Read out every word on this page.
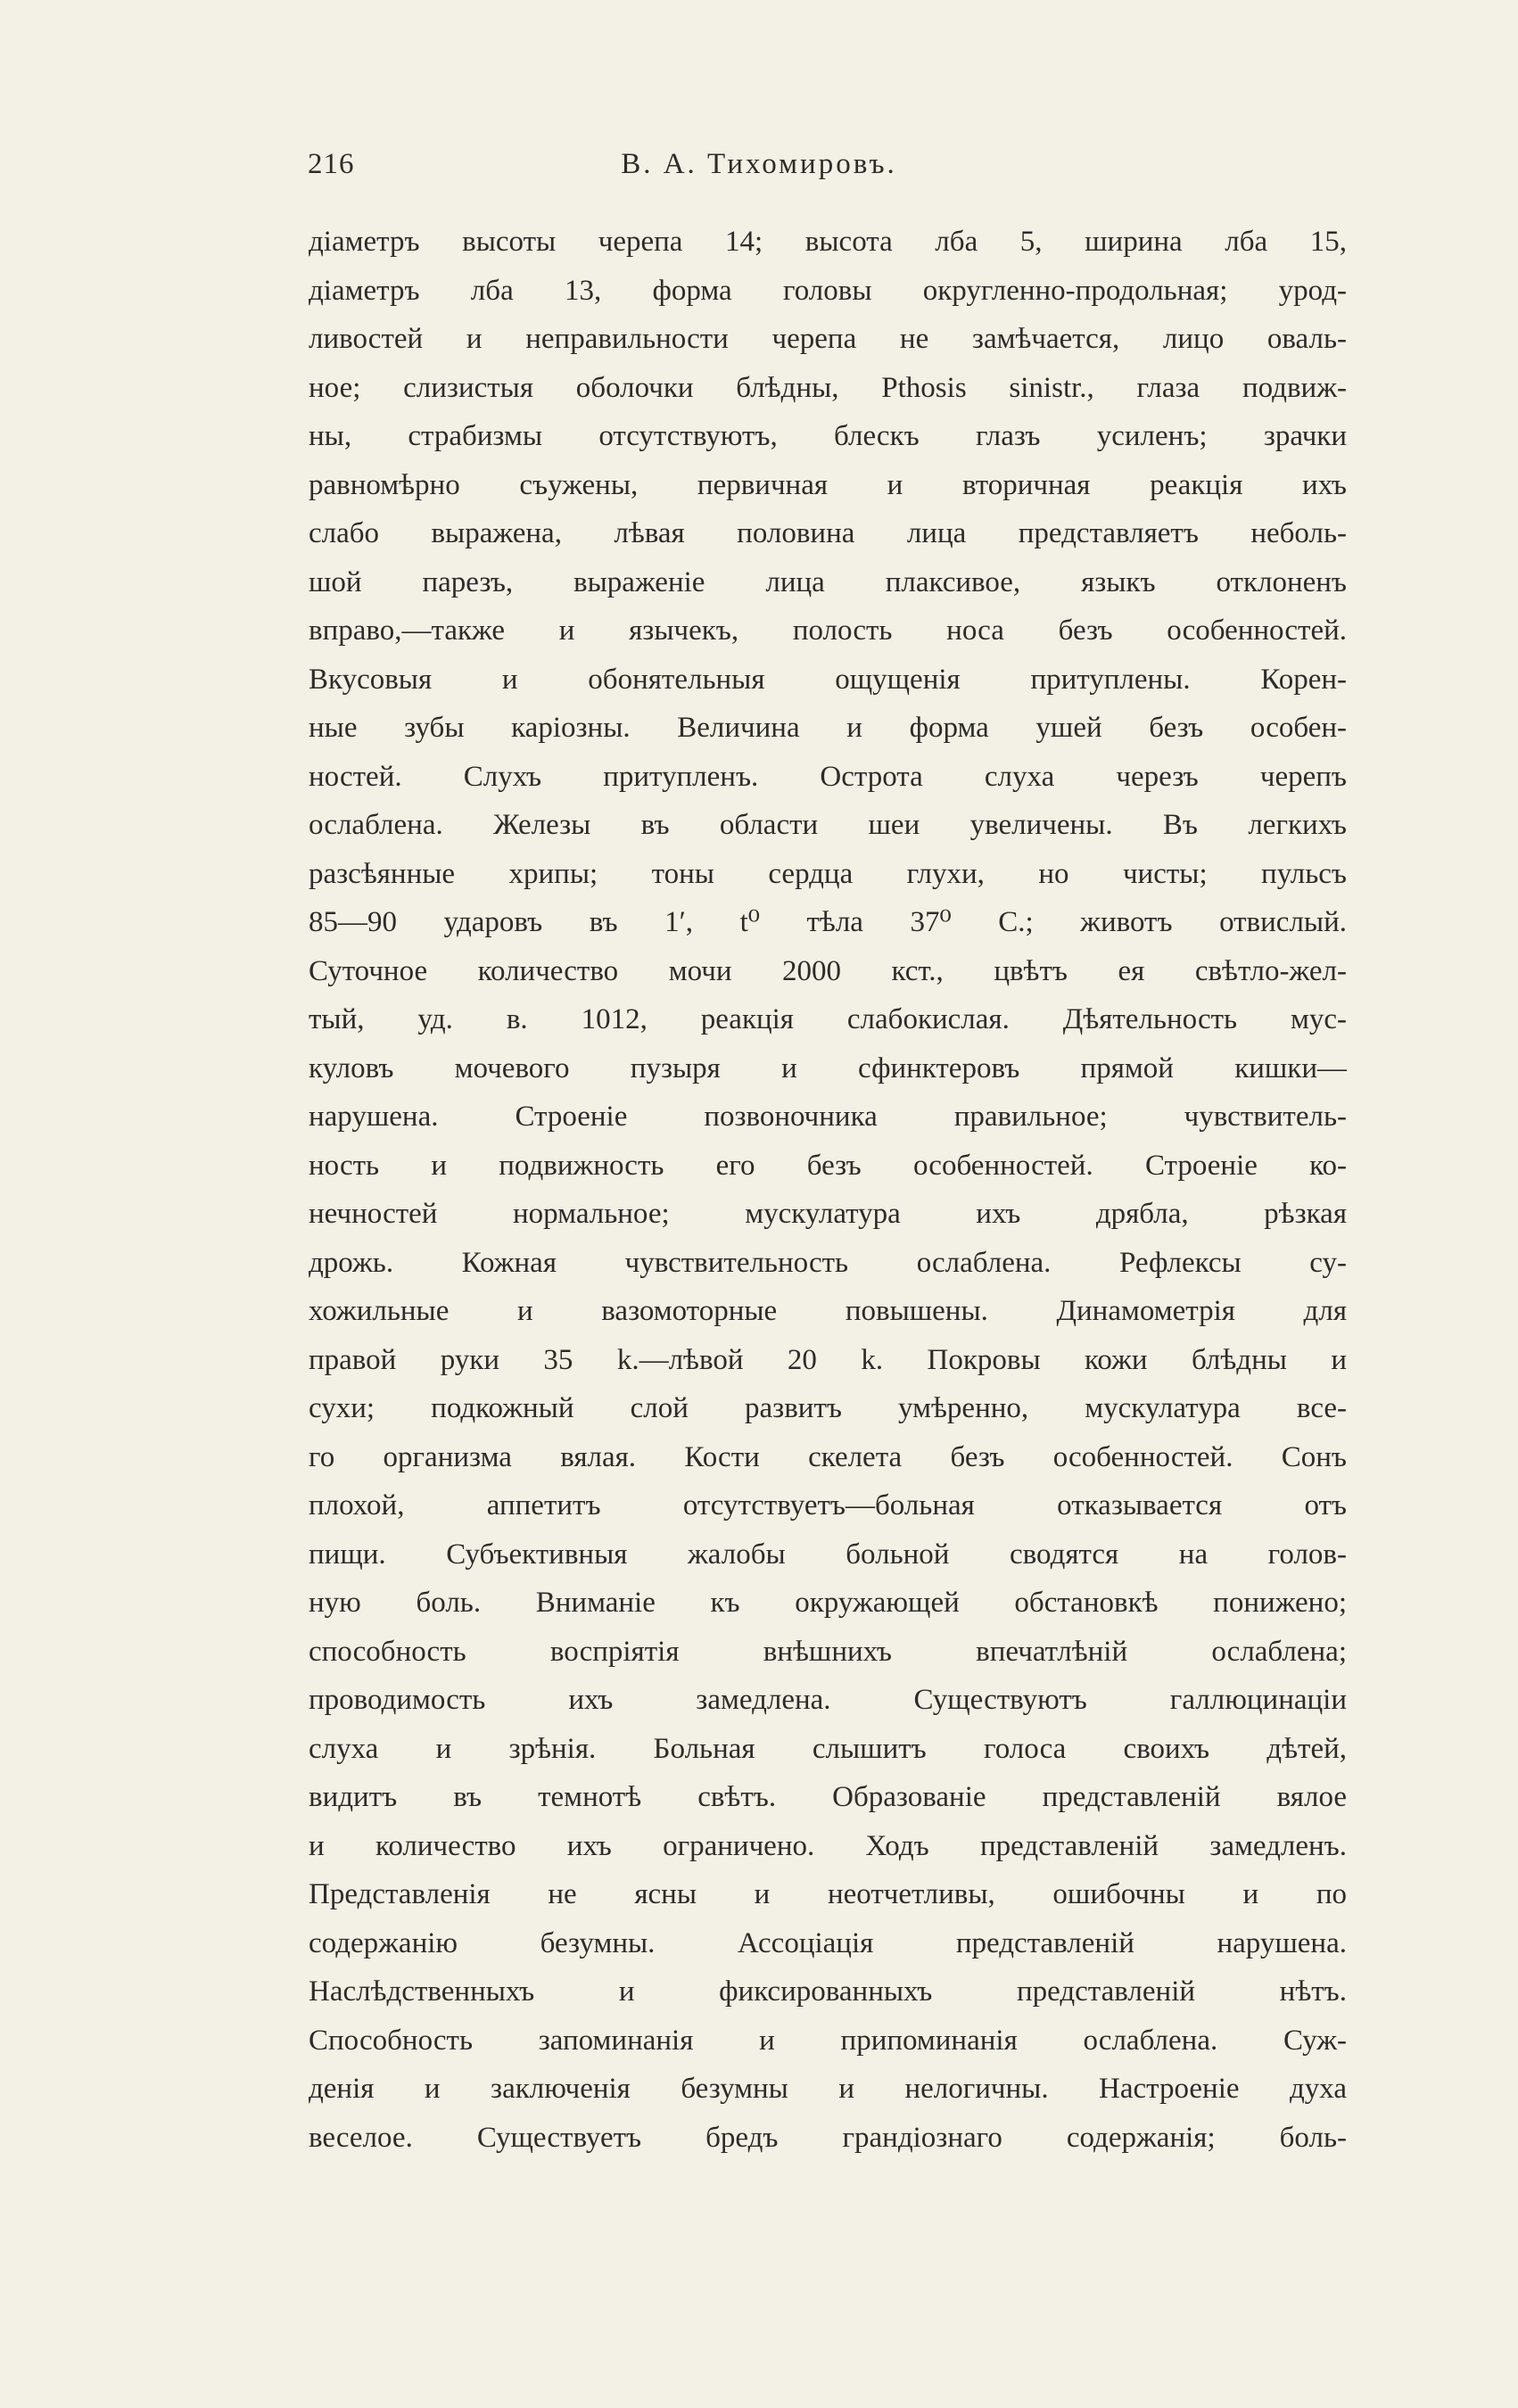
216	В. А. Тихомировъ.
діаметръ высоты черепа 14; высота лба 5, ширина лба 15,
діаметръ лба 13, форма головы округленно-продольная; урод-
ливостей и неправильности черепа не замѣчается, лицо оваль-
ное; слизистыя оболочки блѣдны, Pthosis sinistr., глаза подвиж-
ны, страбизмы отсутствуютъ, блескъ глазъ усиленъ; зрачки
равномѣрно съужены, первичная и вторичная реакція ихъ
слабо выражена, лѣвая половина лица представляетъ неболь-
шой парезъ, выраженіе лица плаксивое, языкъ отклоненъ
вправо,—также и язычекъ, полость носа безъ особенностей.
Вкусовыя и обонятельныя ощущенія притуплены. Корен-
ные зубы каріозны. Величина и форма ушей безъ особен-
ностей. Слухъ притупленъ. Острота слуха черезъ черепъ
ослаблена. Железы въ области шеи увеличены. Въ легкихъ
разсѣянные хрипы; тоны сердца глухи, но чисты; пульсъ
85—90 ударовъ въ 1′, t⁰ тѣла 37⁰ С.; животъ отвислый.
Суточное количество мочи 2000 кст., цвѣтъ ея свѣтло-жел-
тый, уд. в. 1012, реакція слабокислая. Дѣятельность мус-
куловъ мочевого пузыря и сфинктеровъ прямой кишки—
нарушена. Строеніе позвоночника правильное; чувствитель-
ность и подвижность его безъ особенностей. Строеніе ко-
нечностей нормальное; мускулатура ихъ дрябла, рѣзкая
дрожь. Кожная чувствительность ослаблена. Рефлексы су-
хожильные и вазомоторные повышены. Динамометрія для
правой руки 35 k.—лѣвой 20 k. Покровы кожи блѣдны и
сухи; подкожный слой развитъ умѣренно, мускулатура все-
го организма вялая. Кости скелета безъ особенностей. Сонъ
плохой, аппетитъ отсутствуетъ—больная отказывается отъ
пищи. Субъективныя жалобы больной сводятся на голов-
ную боль. Вниманіе къ окружающей обстановкѣ понижено;
способность воспріятія внѣшнихъ впечатлѣній ослаблена;
проводимость ихъ замедлена. Существуютъ галлюцинаціи
слуха и зрѣнія. Больная слышитъ голоса своихъ дѣтей,
видитъ въ темнотѣ свѣтъ. Образованіе представленій вялое
и количество ихъ ограничено. Ходъ представленій замедленъ.
Представленія не ясны и неотчетливы, ошибочны и по
содержанію безумны. Ассоціація представленій нарушена.
Наслѣдственныхъ и фиксированныхъ представленій нѣтъ.
Способность запоминанія и припоминанія ослаблена. Суж-
денія и заключенія безумны и нелогичны. Настроеніе духа
веселое. Существуетъ бредъ грандіознаго содержанія; боль-
